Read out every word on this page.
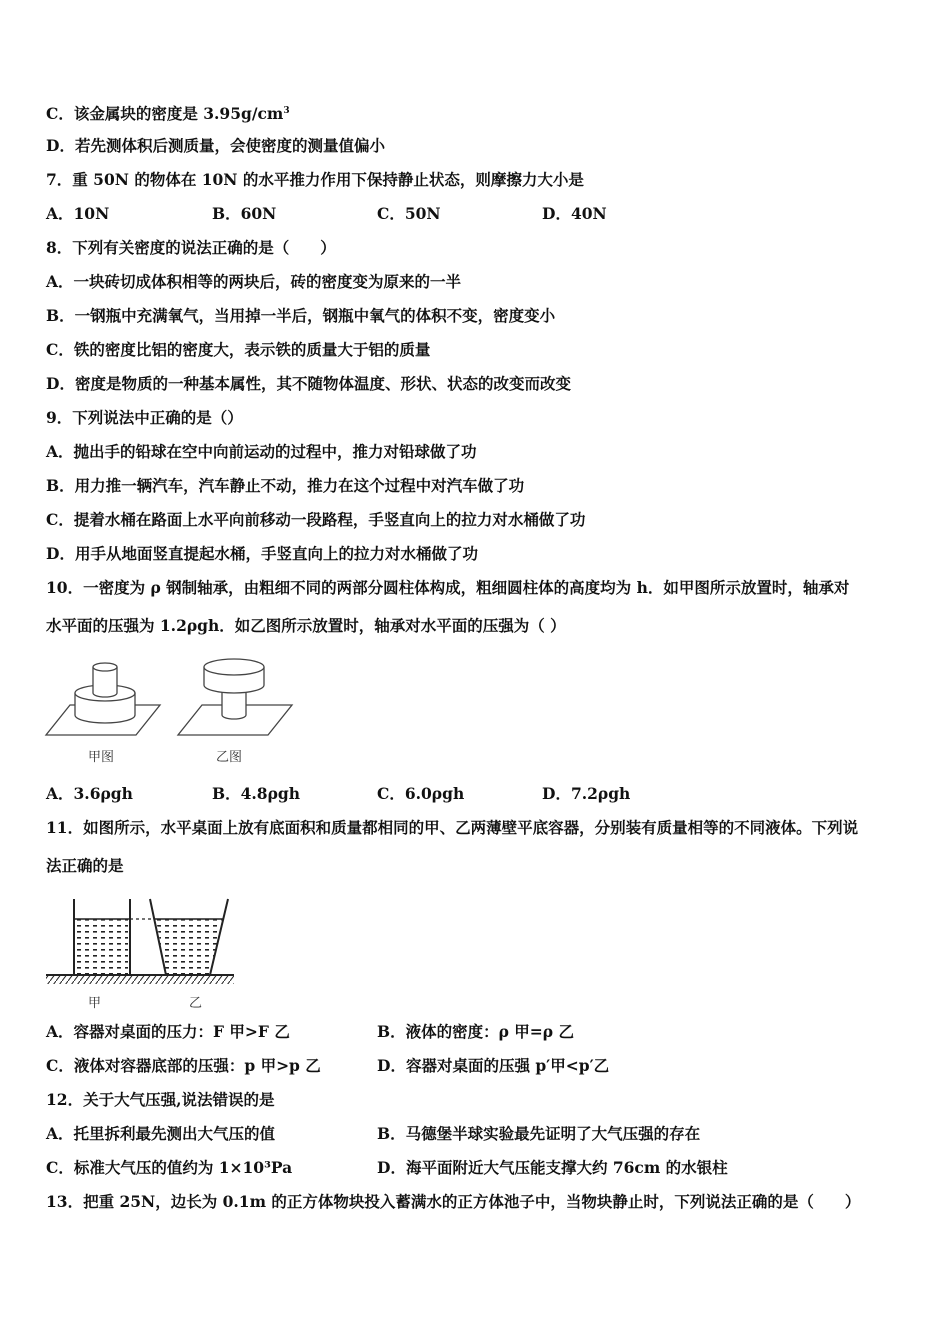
C．该金属块的密度是 $3.95g/cm^3$
D．若先测体积后测质量，会使密度的测量值偏小
7．重 50N 的物体在 10N 的水平推力作用下保持静止状态，则摩擦力大小是
A．10N	B．60N	C．50N	D．40N
8．下列有关密度的说法正确的是（　　）
A．一块砖切成体积相等的两块后，砖的密度变为原来的一半
B．一钢瓶中充满氧气，当用掉一半后，钢瓶中氧气的体积不变，密度变小
C．铁的密度比铝的密度大，表示铁的质量大于铝的质量
D．密度是物质的一种基本属性，其不随物体温度、形状、状态的改变而改变
9．下列说法中正确的是（）
A．抛出手的铅球在空中向前运动的过程中，推力对铅球做了功
B．用力推一辆汽车，汽车静止不动，推力在这个过程中对汽车做了功
C．提着水桶在路面上水平向前移动一段路程，手竖直向上的拉力对水桶做了功
D．用手从地面竖直提起水桶，手竖直向上的拉力对水桶做了功
10．一密度为 ρ 钢制轴承，由粗细不同的两部分圆柱体构成，粗细圆柱体的高度均为 h．如甲图所示放置时，轴承对
水平面的压强为 1.2ρgh．如乙图所示放置时，轴承对水平面的压强为（ ）
甲图	乙图
A．3.6ρgh	B．4.8ρgh	C．6.0ρgh	D．7.2ρgh
11．如图所示，水平桌面上放有底面积和质量都相同的甲、乙两薄壁平底容器，分别装有质量相等的不同液体。下列说
法正确的是
甲	乙
A．容器对桌面的压力：F 甲>F 乙	B．液体的密度：ρ 甲=ρ 乙
C．液体对容器底部的压强：p 甲>p 乙	D．容器对桌面的压强 p′甲<p′乙
12．关于大气压强,说法错误的是
A．托里拆利最先测出大气压的值	B．马德堡半球实验最先证明了大气压强的存在
C．标准大气压的值约为 1×10³Pa	D．海平面附近大气压能支撑大约 76cm 的水银柱
13．把重 25N，边长为 0.1m 的正方体物块投入蓄满水的正方体池子中，当物块静止时，下列说法正确的是（　　）
